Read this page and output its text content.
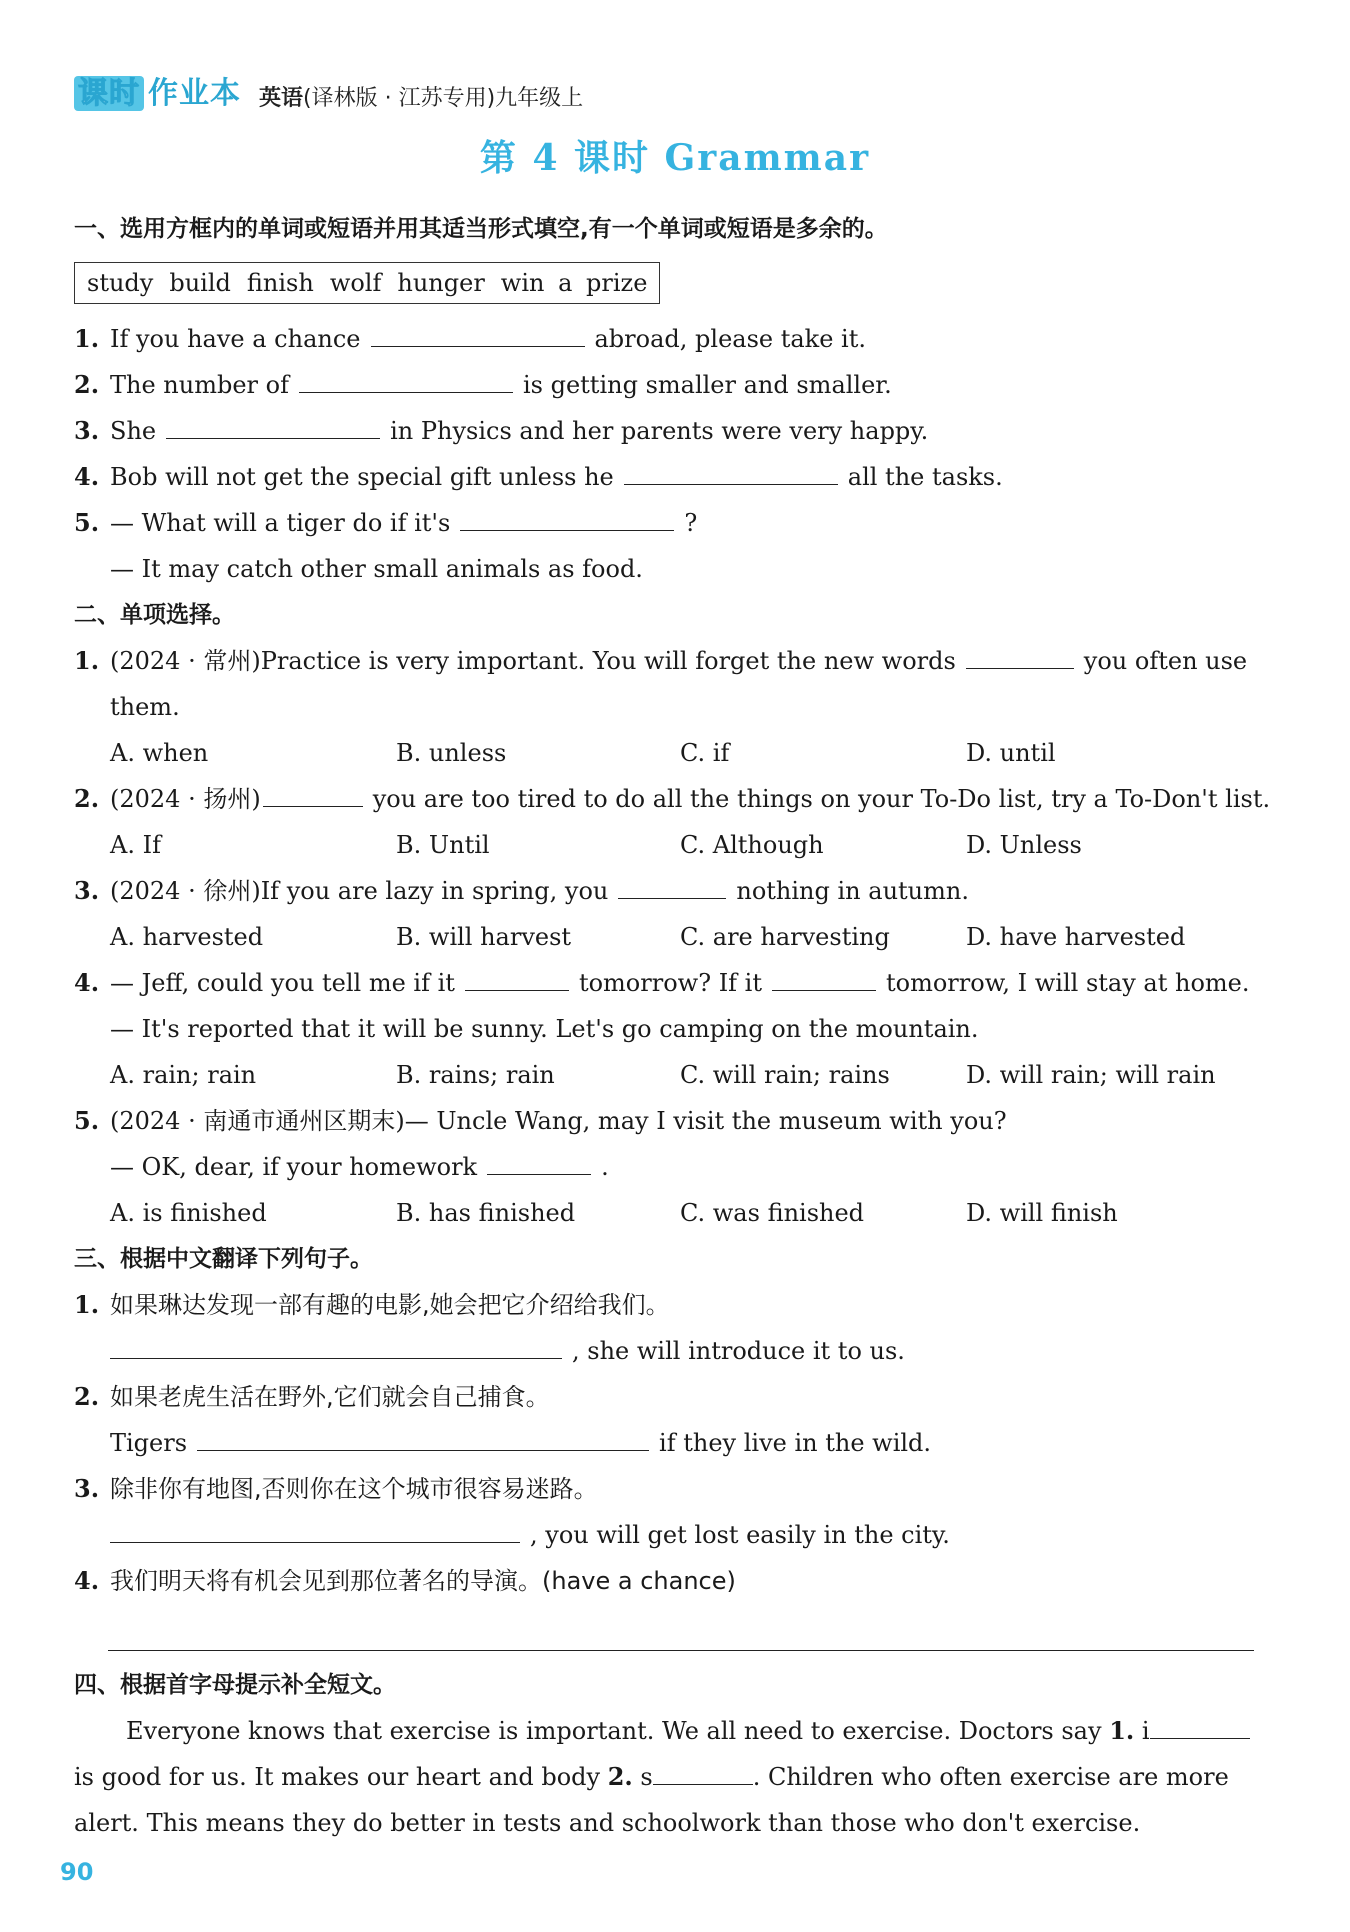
课时 作业本 英语(译林版 · 江苏专用)九年级上
第 4 课时 Grammar
一、选用方框内的单词或短语并用其适当形式填空,有一个单词或短语是多余的。
study build finish wolf hunger win a prize
1. If you have a chance	abroad, please take it.
2. The number of	is getting smaller and smaller.
3. She	in Physics and her parents were very happy.
4. Bob will not get the special gift unless he	all the tasks.
5. — What will a tiger do if it's	?
— It may catch other small animals as food.
二、单项选择。
1. (2024 · 常州)Practice is very important. You will forget the new words	you often use
them.
A. when	B. unless	C. if	D. until
2. (2024 · 扬州)	you are too tired to do all the things on your To-Do list, try a To-Don't list.
A. If	B. Until	C. Although	D. Unless
3. (2024 · 徐州)If you are lazy in spring, you	nothing in autumn.
A. harvested	B. will harvest	C. are harvesting	D. have harvested
4. — Jeff, could you tell me if it	tomorrow? If it	tomorrow, I will stay at home.
— It's reported that it will be sunny. Let's go camping on the mountain.
A. rain; rain	B. rains; rain	C. will rain; rains	D. will rain; will rain
5. (2024 · 南通市通州区期末)— Uncle Wang, may I visit the museum with you?
— OK, dear, if your homework	.
A. is finished	B. has finished	C. was finished	D. will finish
三、根据中文翻译下列句子。
1. 如果琳达发现一部有趣的电影,她会把它介绍给我们。
, she will introduce it to us.
2. 如果老虎生活在野外,它们就会自己捕食。
Tigers	if they live in the wild.
3. 除非你有地图,否则你在这个城市很容易迷路。
, you will get lost easily in the city.
4. 我们明天将有机会见到那位著名的导演。(have a chance)
四、根据首字母提示补全短文。
Everyone knows that exercise is important. We all need to exercise. Doctors say 1. i is good for us. It makes our heart and body 2. s	. Children who often exercise are more alert. This means they do better in tests and schoolwork than those who don't exercise.
90
